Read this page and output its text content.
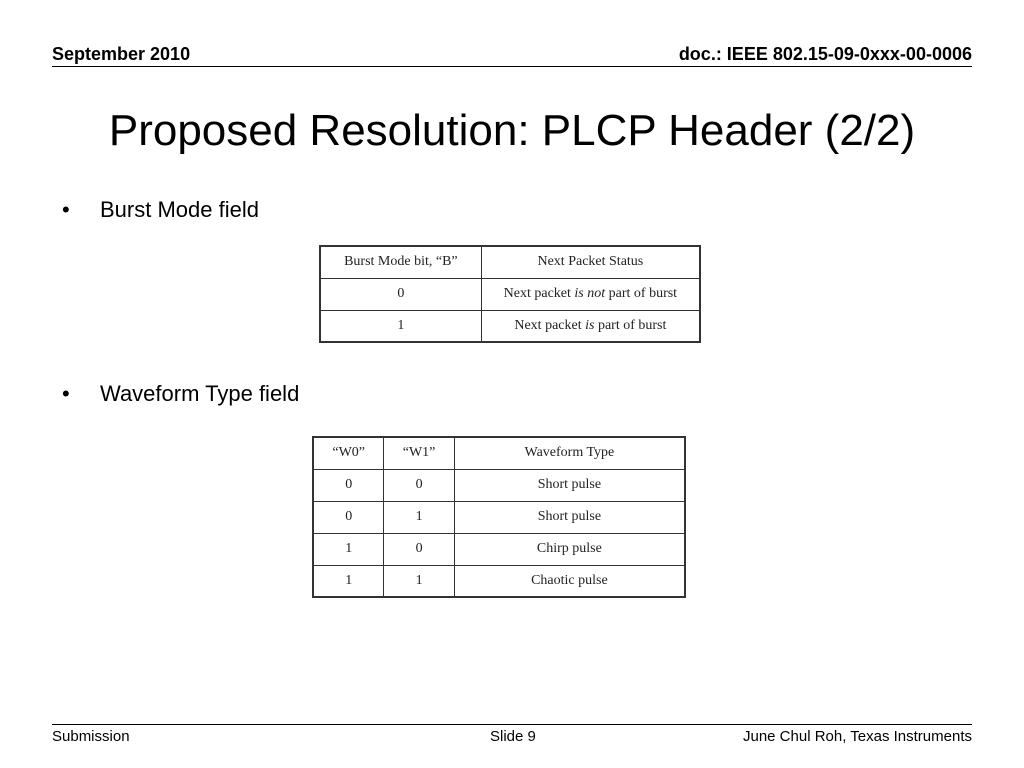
September 2010	doc.: IEEE 802.15-09-0xxx-00-0006
Proposed Resolution: PLCP Header (2/2)
• Burst Mode field
Burst Mode bit, “B”	Next Packet Status
0	Next packet is not part of burst
1	Next packet is part of burst
• Waveform Type field
“W0”	“W1”	Waveform Type
0	0	Short pulse
0	1	Short pulse
1	0	Chirp pulse
1	1	Chaotic pulse
Submission	Slide 9	June Chul Roh, Texas Instruments
